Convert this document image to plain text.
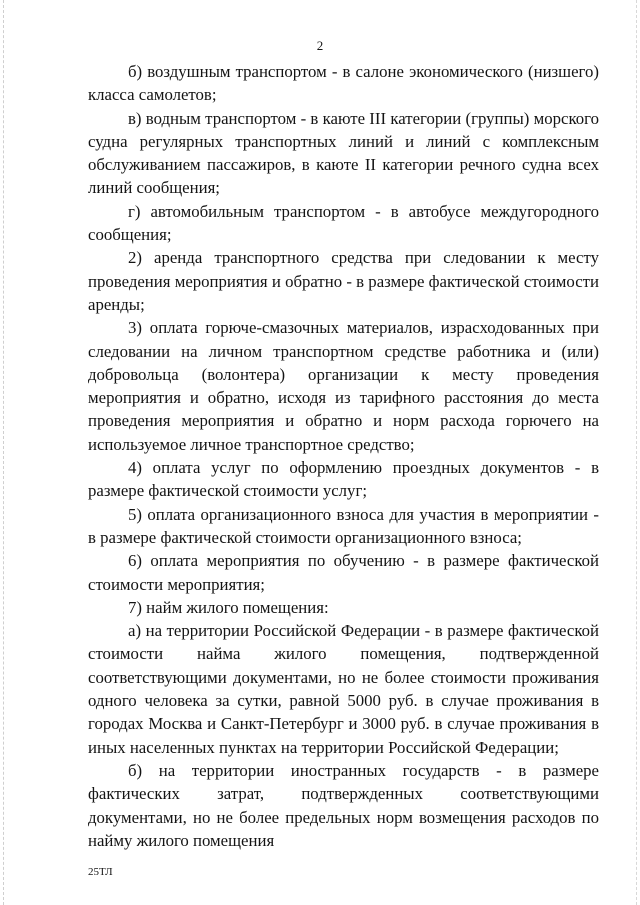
2

б) воздушным транспортом - в салоне экономического (низшего) класса самолетов;

в) водным транспортом - в каюте III категории (группы) морского судна регулярных транспортных линий и линий с комплексным обслуживанием пассажиров, в каюте II категории речного судна всех линий сообщения;

г) автомобильным транспортом - в автобусе междугородного сообщения;

2) аренда транспортного средства при следовании к месту проведения мероприятия и обратно - в размере фактической стоимости аренды;

3) оплата горюче-смазочных материалов, израсходованных при следовании на личном транспортном средстве работника и (или) добровольца (волонтера) организации к месту проведения мероприятия и обратно, исходя из тарифного расстояния до места проведения мероприятия и обратно и норм расхода горючего на используемое личное транспортное средство;

4) оплата услуг по оформлению проездных документов - в размере фактической стоимости услуг;

5) оплата организационного взноса для участия в мероприятии - в размере фактической стоимости организационного взноса;

6) оплата мероприятия по обучению - в размере фактической стоимости мероприятия;

7) найм жилого помещения:

а) на территории Российской Федерации - в размере фактической стоимости найма жилого помещения, подтвержденной соответствующими документами, но не более стоимости проживания одного человека за сутки, равной 5000 руб. в случае проживания в городах Москва и Санкт-Петербург и 3000 руб. в случае проживания в иных населенных пунктах на территории Российской Федерации;

б) на территории иностранных государств - в размере фактических затрат, подтвержденных соответствующими документами, но не более предельных норм возмещения расходов по найму жилого помещения

25ТЛ
